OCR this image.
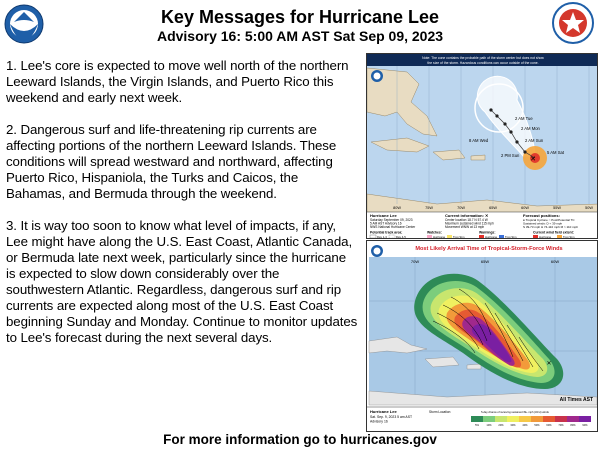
Key Messages for Hurricane Lee
Advisory 16: 5:00 AM AST Sat Sep 09, 2023

1. Lee's core is expected to move well north of the northern Leeward Islands, the Virgin Islands, and Puerto Rico this weekend and early next week.

2. Dangerous surf and life-threatening rip currents are affecting portions of the northern Leeward Islands. These conditions will spread westward and northward, affecting Puerto Rico, Hispaniola, the Turks and Caicos, the Bahamas, and Bermuda through the weekend.

3. It is way too soon to know what level of impacts, if any, Lee might have along the U.S. East Coast, Atlantic Canada, or Bermuda late next week, particularly since the hurricane is expected to slow down considerably over the southwestern Atlantic. Regardless, dangerous surf and rip currents are expected along most of the U.S. East Coast beginning Sunday and Monday. Continue to monitor updates to Lee's forecast during the next several days.

Note: The cone contains the probable path of the storm center but does not show
the size of the storm. Hazardous conditions can occur outside of the cone.
✕
2 AM Tue
2 AM Mon
8 AM Wed	2 AM Sun
2 PM Sun
5 AM Sat
80W	75W	70W	65W	60W	55W	50W
Hurricane Lee
Saturday September 09, 2023
5 AM AST Advisory 16
NWS National Hurricane Center
Current information: ✕
Center location 18.7 N 57.4 W
Maximum sustained wind 115 mph
Movement WNW at 13 mph
Forecast positions:
● Tropical Cyclone ○ Post/Potential TC
Sustained winds: D < 39 mph
S 39-73 mph H 74-110 mph M > 110 mph
Potential track area:
Day 1-3	Day 4-5
Watches:
Hurricane	Trop Stm
Warnings:
Hurricane	Trop Stm
Current wind field extent:
Hurricane	Trop Stm
Most Likely Arrival Time of Tropical-Storm-Force Winds
70W	65W	60W
✕
All Times AST
Hurricane Lee
Sat. Sep. 9, 2023 5 am AST
Advisory 16
Storm Location	5-day chance of receiving sustained 39+ mph (34 kt) winds
5%	10%	20%	30%	40%	50%	60%	70%	80%	90%
For more information go to hurricanes.gov
